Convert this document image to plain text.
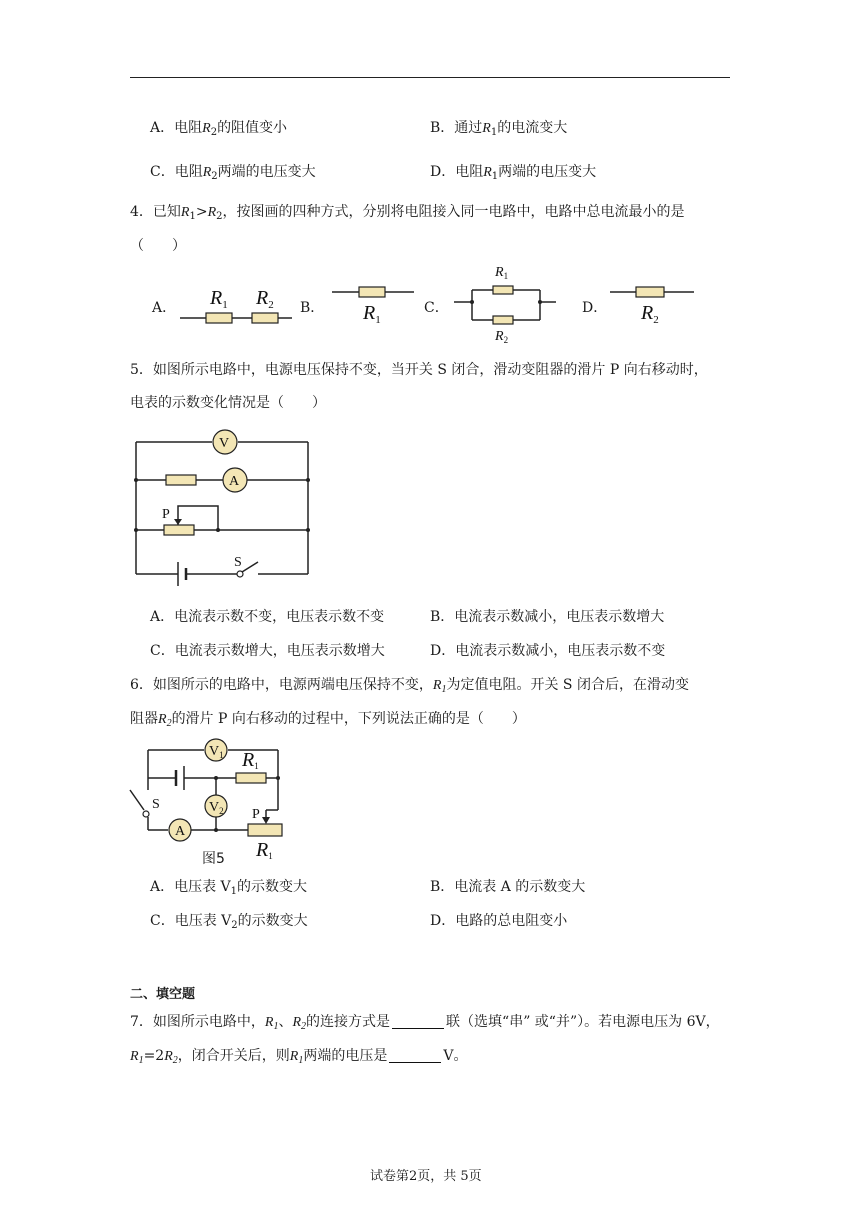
A．电阻$R_2$的阻值变小	B．通过$R_1$的电流变大
C．电阻$R_2$两端的电压变大	D．电阻$R_1$两端的电压变大
4．已知$R_1>R_2$，按图画的四种方式，分别将电阻接入同一电路中，电路中总电流最小的是
（　　）
A．	B．	C．	D．
$R_1$ $R_2$	$R_1$
$R_1$
$R_2$
$R_2$
5．如图所示电路中，电源电压保持不变，当开关 S 闭合，滑动变阻器的滑片 P 向右移动时，
电表的示数变化情况是（　　）
V
A
P
S
A．电流表示数不变，电压表示数不变	B．电流表示数减小，电压表示数增大
C．电流表示数增大，电压表示数增大	D．电流表示数减小，电压表示数不变
6．如图所示的电路中，电源两端电压保持不变，$R_1$为定值电阻。开关 S 闭合后，在滑动变
阻器$R_2$的滑片 P 向右移动的过程中，下列说法正确的是（　　）
$V_1$ R1
$V_2$ P
A
R1
S
图5
A．电压表 $V_1$的示数变大	B．电流表 A 的示数变大
C．电压表 $V_2$的示数变大	D．电路的总电阻变小
二、填空题
7．如图所示电路中，$R_1$、$R_2$的连接方式是	联（选填“串” 或“并”）。若电源电压为 6V，
$R_1=2R_2$，闭合开关后，则$R_1$两端的电压是	V。
试卷第2页，共 5页
